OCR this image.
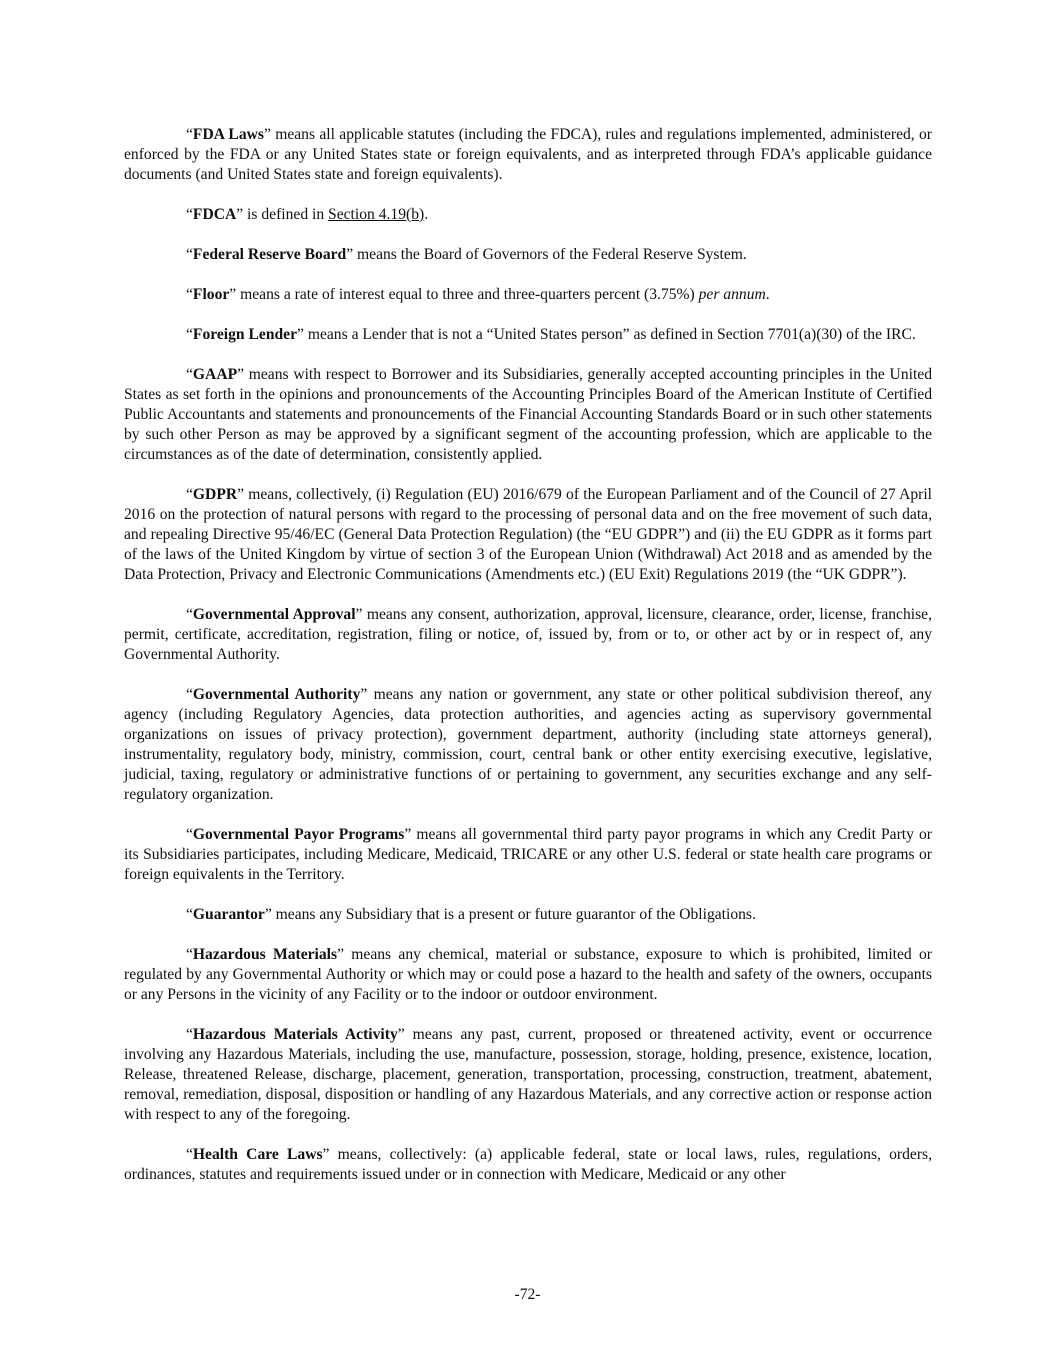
“FDA Laws” means all applicable statutes (including the FDCA), rules and regulations implemented, administered, or enforced by the FDA or any United States state or foreign equivalents, and as interpreted through FDA’s applicable guidance documents (and United States state and foreign equivalents).

“FDCA” is defined in Section 4.19(b).

“Federal Reserve Board” means the Board of Governors of the Federal Reserve System.

“Floor” means a rate of interest equal to three and three-quarters percent (3.75%) per annum.

“Foreign Lender” means a Lender that is not a “United States person” as defined in Section 7701(a)(30) of the IRC.

“GAAP” means with respect to Borrower and its Subsidiaries, generally accepted accounting principles in the United States as set forth in the opinions and pronouncements of the Accounting Principles Board of the American Institute of Certified Public Accountants and statements and pronouncements of the Financial Accounting Standards Board or in such other statements by such other Person as may be approved by a significant segment of the accounting profession, which are applicable to the circumstances as of the date of determination, consistently applied.

“GDPR” means, collectively, (i) Regulation (EU) 2016/679 of the European Parliament and of the Council of 27 April 2016 on the protection of natural persons with regard to the processing of personal data and on the free movement of such data, and repealing Directive 95/46/EC (General Data Protection Regulation) (the “EU GDPR”) and (ii) the EU GDPR as it forms part of the laws of the United Kingdom by virtue of section 3 of the European Union (Withdrawal) Act 2018 and as amended by the Data Protection, Privacy and Electronic Communications (Amendments etc.) (EU Exit) Regulations 2019 (the “UK GDPR”).

“Governmental Approval” means any consent, authorization, approval, licensure, clearance, order, license, franchise, permit, certificate, accreditation, registration, filing or notice, of, issued by, from or to, or other act by or in respect of, any Governmental Authority.

“Governmental Authority” means any nation or government, any state or other political subdivision thereof, any agency (including Regulatory Agencies, data protection authorities, and agencies acting as supervisory governmental organizations on issues of privacy protection), government department, authority (including state attorneys general), instrumentality, regulatory body, ministry, commission, court, central bank or other entity exercising executive, legislative, judicial, taxing, regulatory or administrative functions of or pertaining to government, any securities exchange and any self-regulatory organization.

“Governmental Payor Programs” means all governmental third party payor programs in which any Credit Party or its Subsidiaries participates, including Medicare, Medicaid, TRICARE or any other U.S. federal or state health care programs or foreign equivalents in the Territory.

“Guarantor” means any Subsidiary that is a present or future guarantor of the Obligations.

“Hazardous Materials” means any chemical, material or substance, exposure to which is prohibited, limited or regulated by any Governmental Authority or which may or could pose a hazard to the health and safety of the owners, occupants or any Persons in the vicinity of any Facility or to the indoor or outdoor environment.

“Hazardous Materials Activity” means any past, current, proposed or threatened activity, event or occurrence involving any Hazardous Materials, including the use, manufacture, possession, storage, holding, presence, existence, location, Release, threatened Release, discharge, placement, generation, transportation, processing, construction, treatment, abatement, removal, remediation, disposal, disposition or handling of any Hazardous Materials, and any corrective action or response action with respect to any of the foregoing.

“Health Care Laws” means, collectively: (a) applicable federal, state or local laws, rules, regulations, orders, ordinances, statutes and requirements issued under or in connection with Medicare, Medicaid or any other

-72-
